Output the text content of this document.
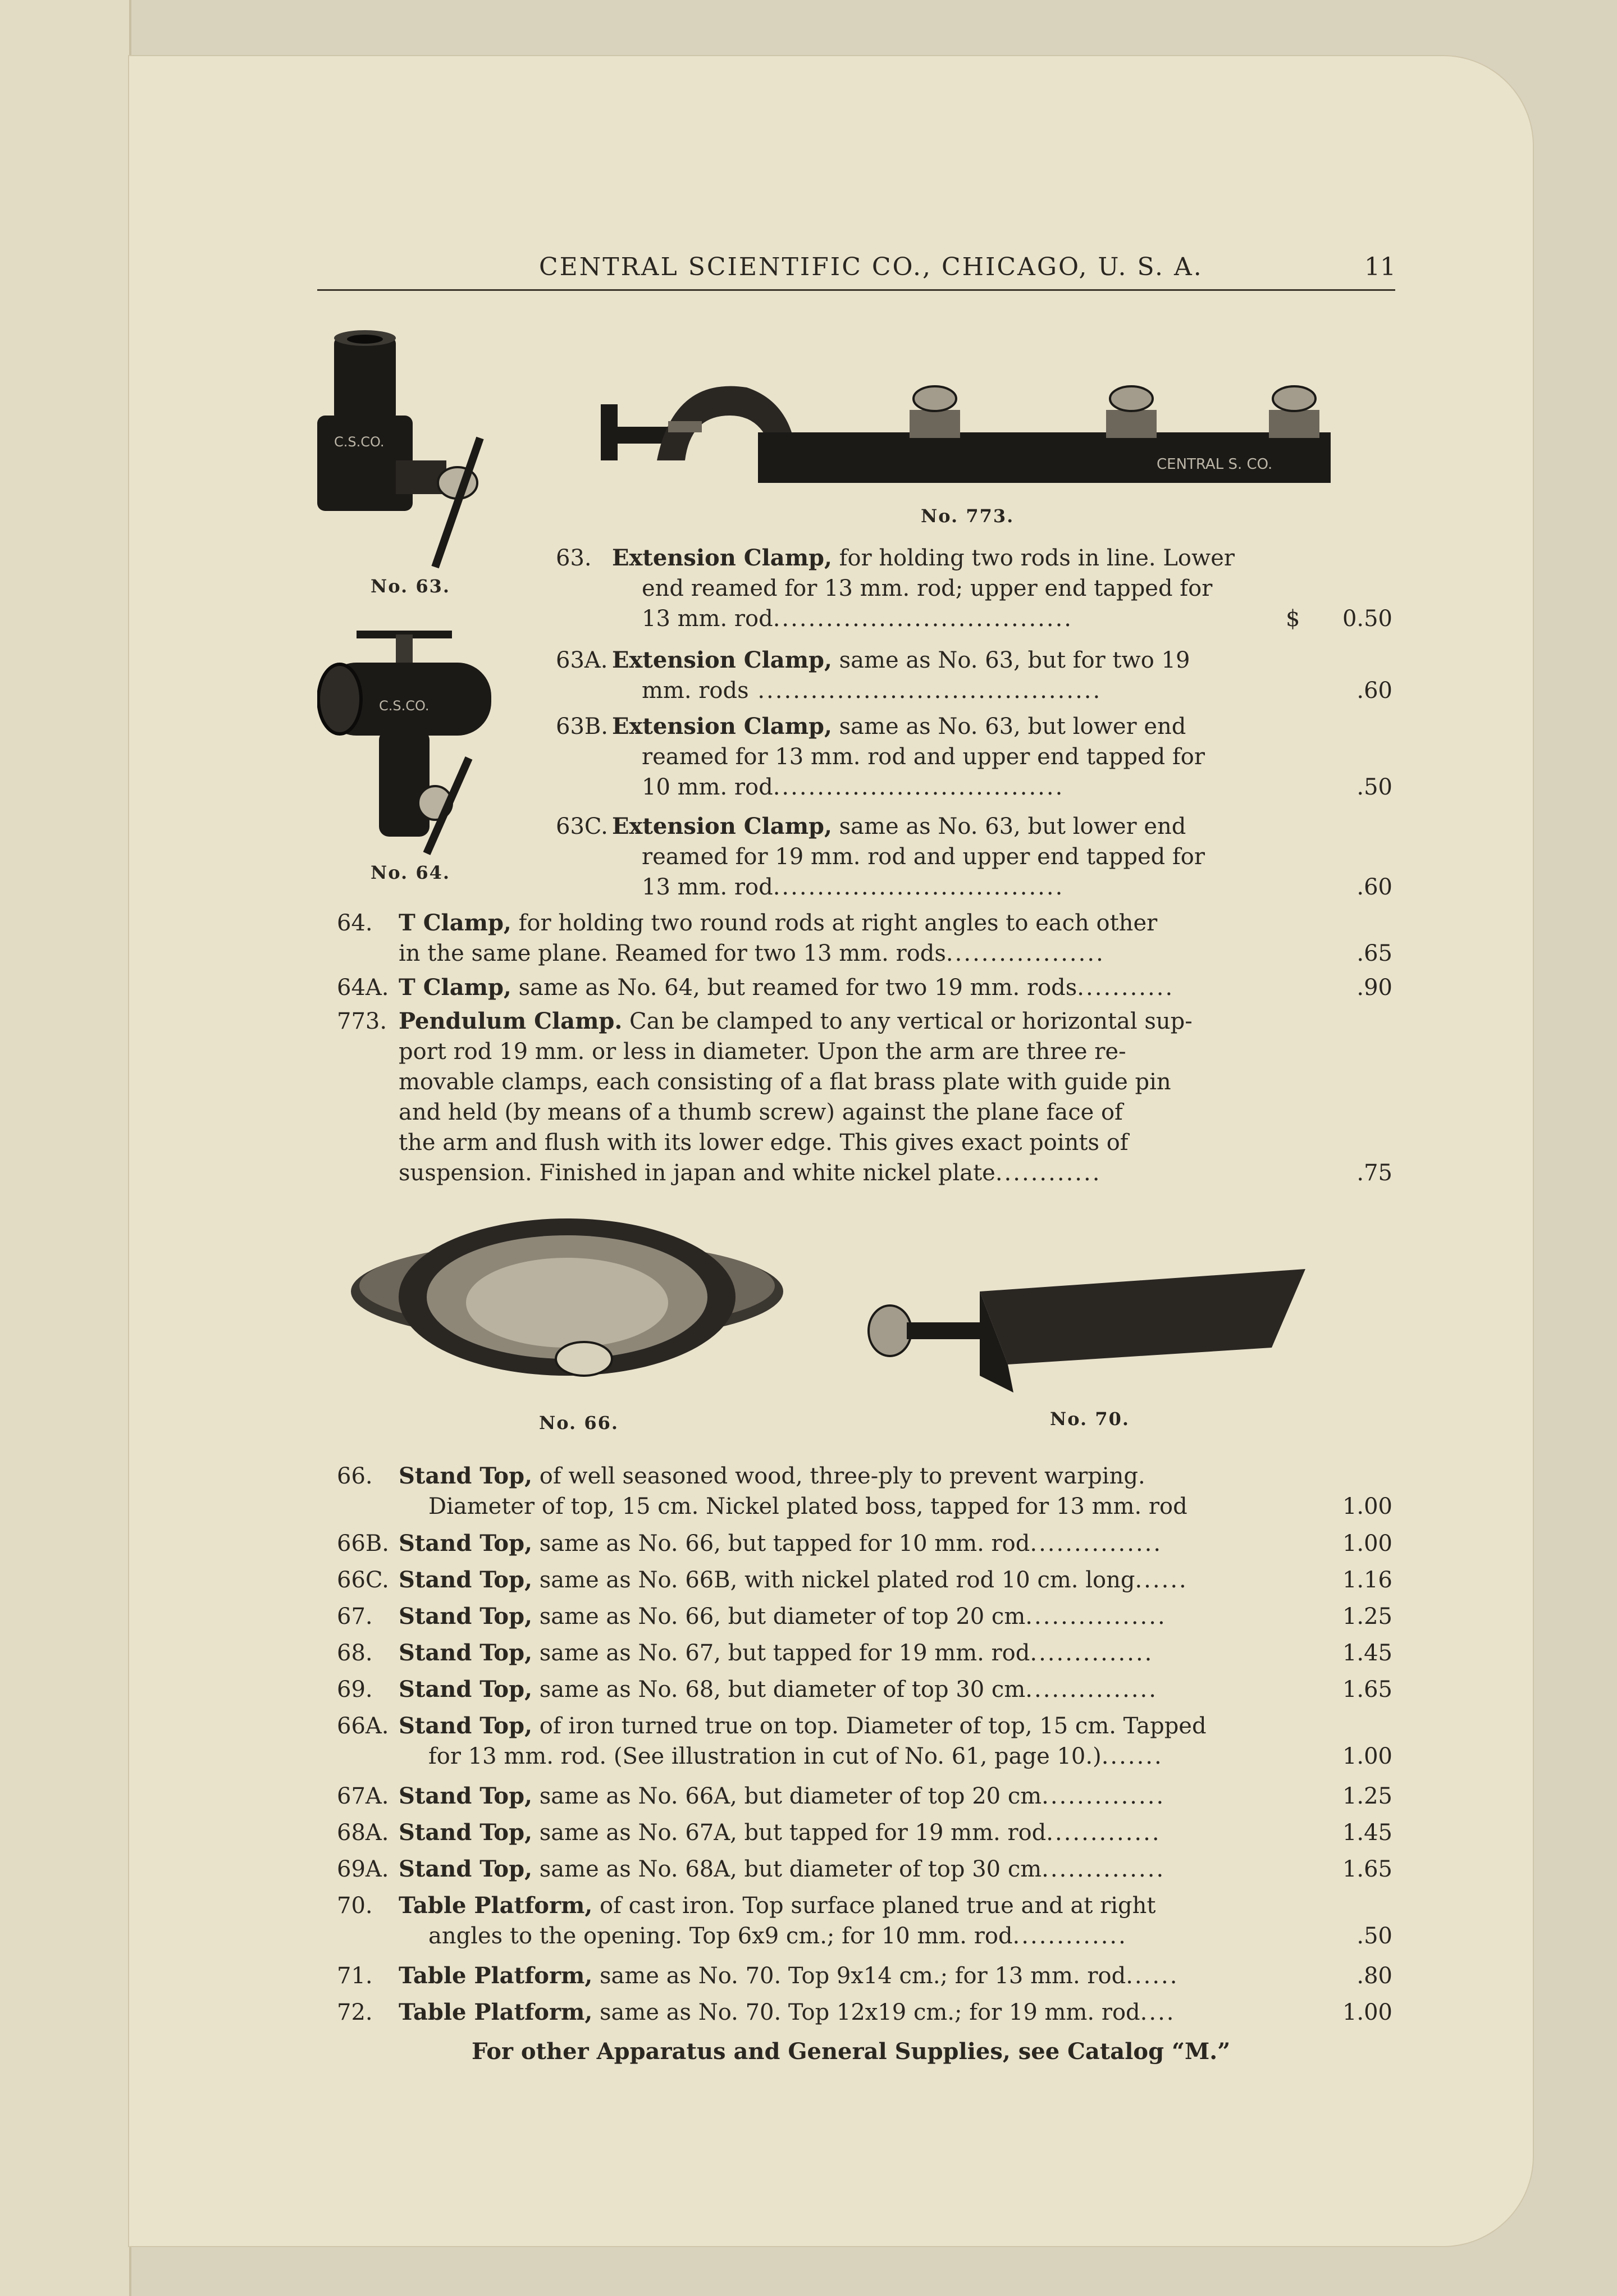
CENTRAL SCIENTIFIC CO., CHICAGO, U. S. A.	11
C.S.CO.
No. 63.
C.S.CO.
No. 64.
CENTRAL S. CO.
No. 773.
No. 66.	No. 70.
63. Extension Clamp, for holding two rods in line. Lower
end reamed for 13 mm. rod; upper end tapped for
13 mm. rod..................................	$	0.50
63A. Extension Clamp, same as No. 63, but for two 19
mm. rods .......................................	.60
63B. Extension Clamp, same as No. 63, but lower end
reamed for 13 mm. rod and upper end tapped for
10 mm. rod.................................	.50
63C. Extension Clamp, same as No. 63, but lower end
reamed for 19 mm. rod and upper end tapped for
13 mm. rod.................................	.60
64. T Clamp, for holding two round rods at right angles to each other
in the same plane. Reamed for two 13 mm. rods..................	.65
64A. T Clamp, same as No. 64, but reamed for two 19 mm. rods...........	.90
773. Pendulum Clamp. Can be clamped to any vertical or horizontal sup-
port rod 19 mm. or less in diameter. Upon the arm are three re-
movable clamps, each consisting of a flat brass plate with guide pin
and held (by means of a thumb screw) against the plane face of
the arm and flush with its lower edge. This gives exact points of
suspension. Finished in japan and white nickel plate............	.75
66. Stand Top, of well seasoned wood, three-ply to prevent warping.
Diameter of top, 15 cm. Nickel plated boss, tapped for 13 mm. rod	1.00
66B. Stand Top, same as No. 66, but tapped for 10 mm. rod...............	1.00
66C. Stand Top, same as No. 66B, with nickel plated rod 10 cm. long......	1.16
67. Stand Top, same as No. 66, but diameter of top 20 cm................	1.25
68. Stand Top, same as No. 67, but tapped for 19 mm. rod..............	1.45
69. Stand Top, same as No. 68, but diameter of top 30 cm...............	1.65
66A. Stand Top, of iron turned true on top. Diameter of top, 15 cm. Tapped
for 13 mm. rod. (See illustration in cut of No. 61, page 10.).......	1.00
67A. Stand Top, same as No. 66A, but diameter of top 20 cm..............	1.25
68A. Stand Top, same as No. 67A, but tapped for 19 mm. rod.............	1.45
69A. Stand Top, same as No. 68A, but diameter of top 30 cm..............	1.65
70. Table Platform, of cast iron. Top surface planed true and at right
angles to the opening. Top 6x9 cm.; for 10 mm. rod.............	.50
71. Table Platform, same as No. 70. Top 9x14 cm.; for 13 mm. rod......	.80
72. Table Platform, same as No. 70. Top 12x19 cm.; for 19 mm. rod....	1.00
For other Apparatus and General Supplies, see Catalog “M.”
